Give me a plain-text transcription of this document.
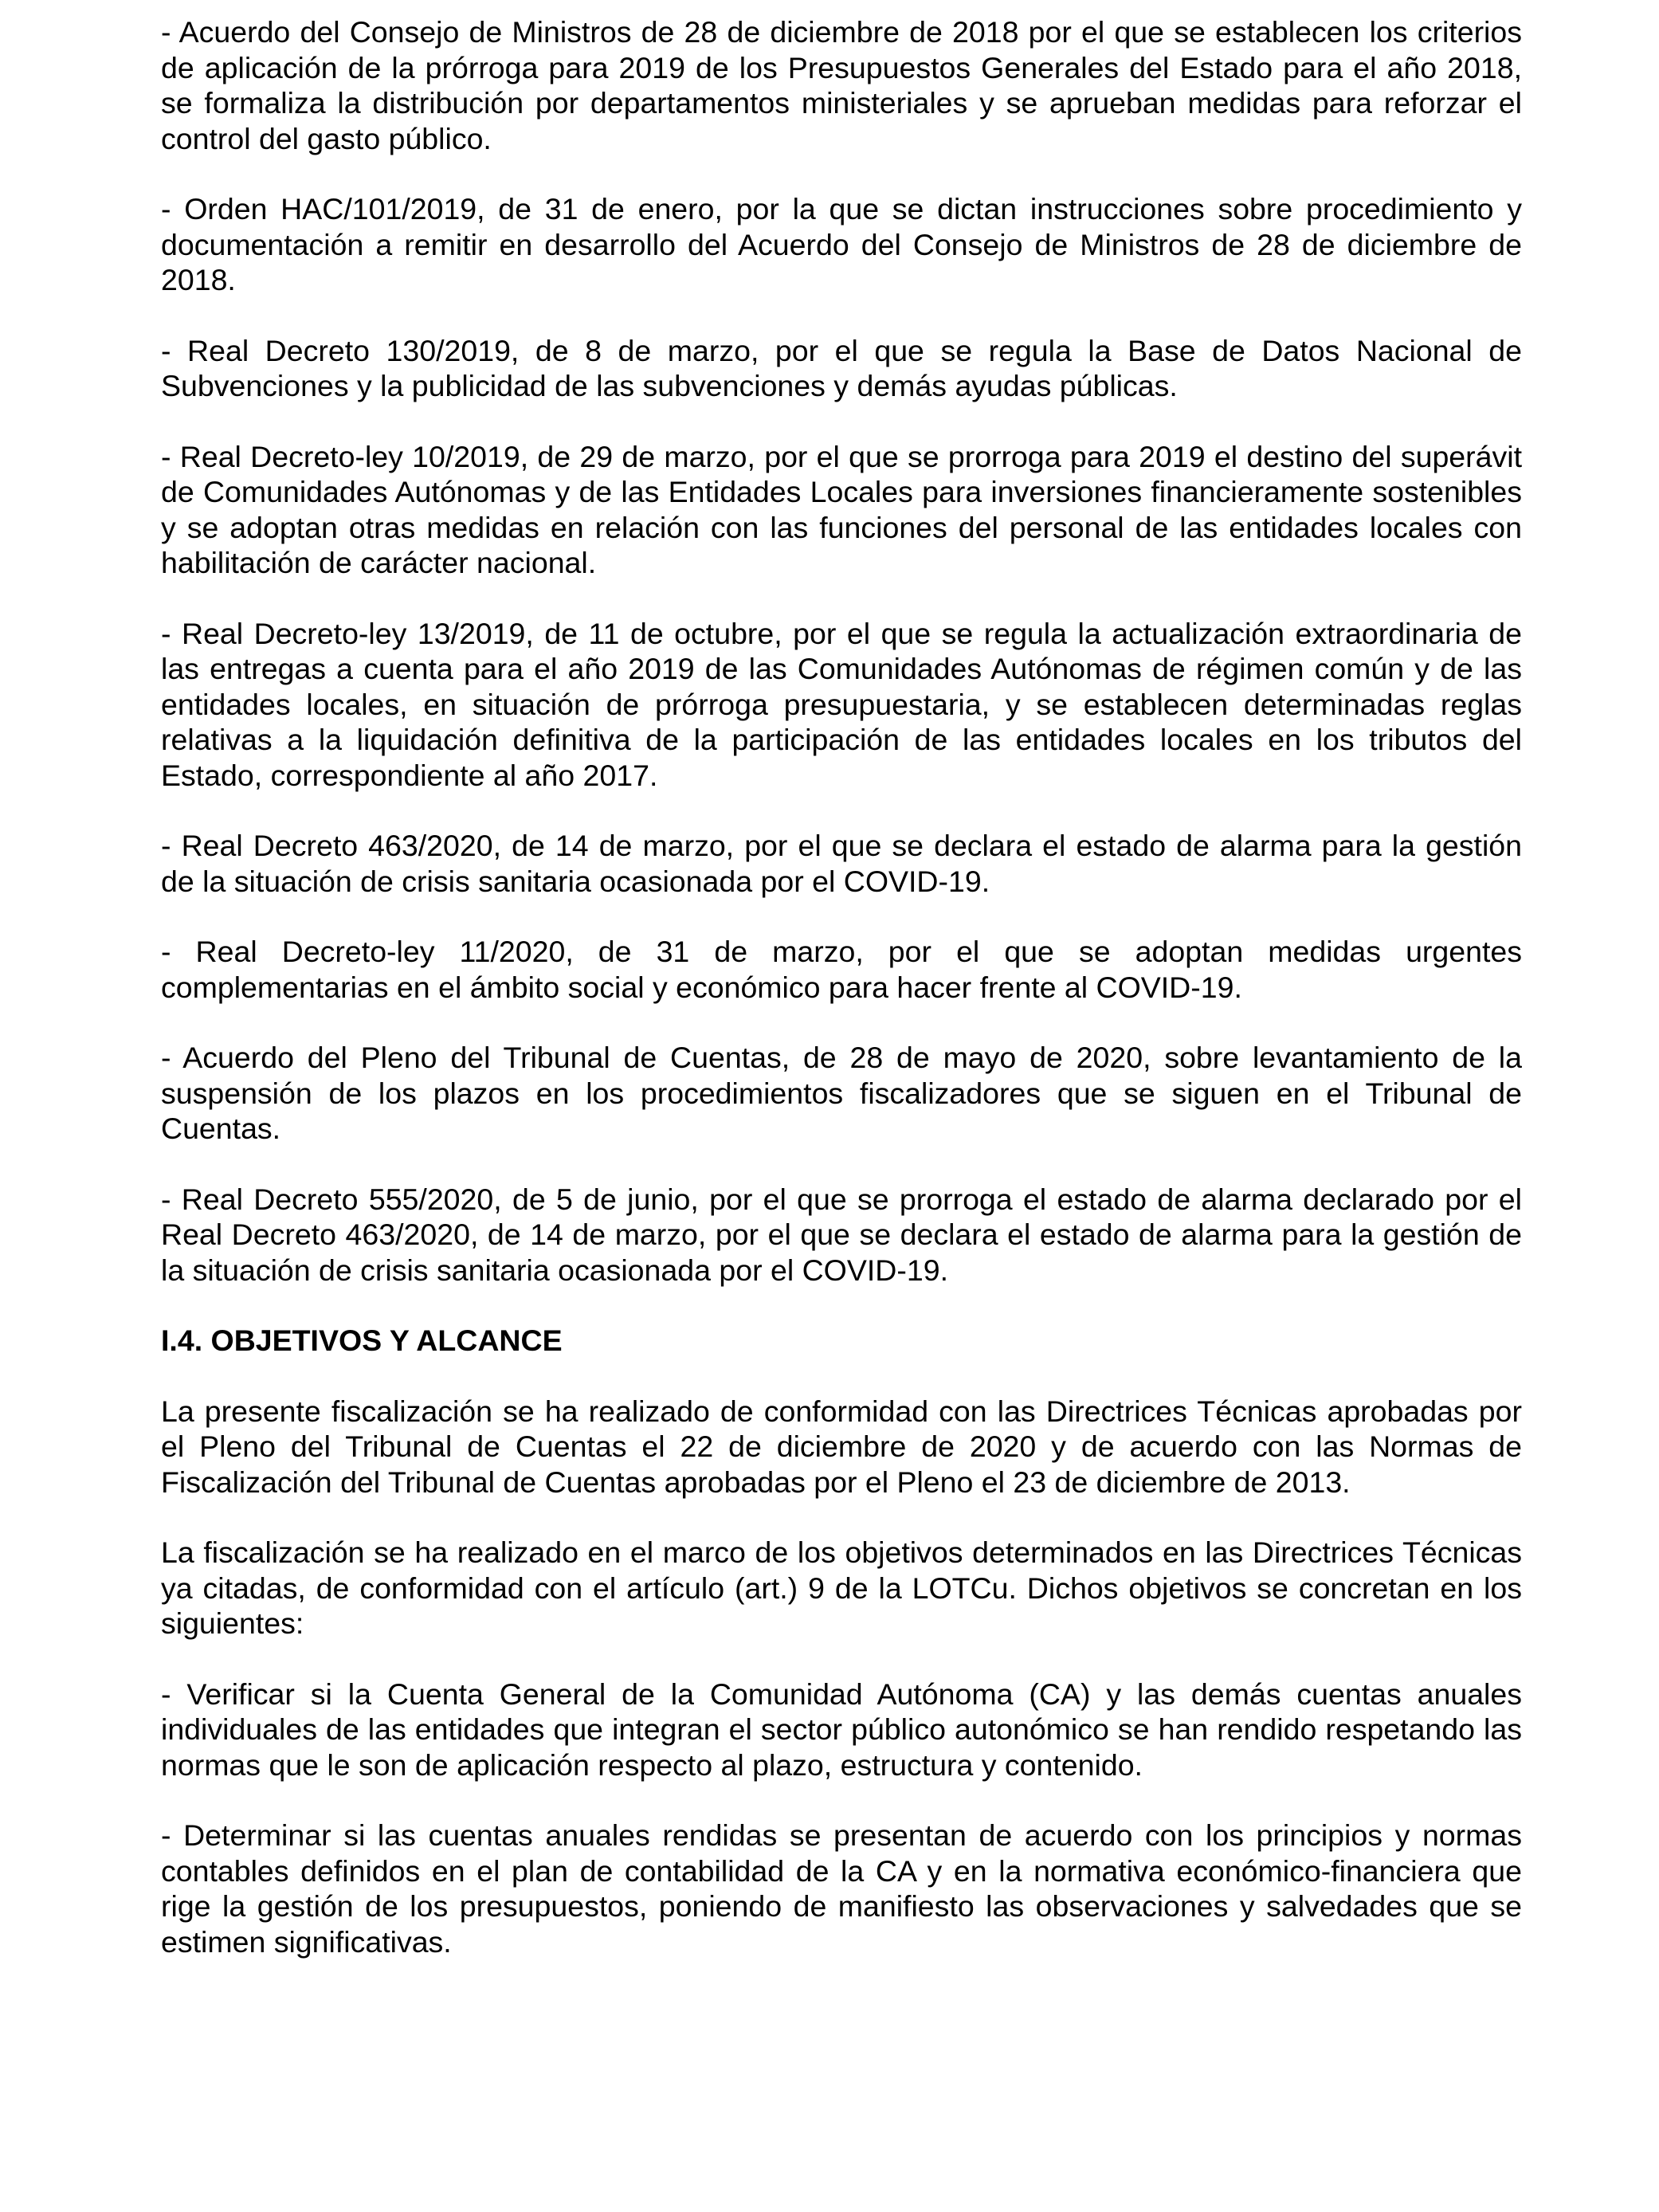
- Acuerdo del Consejo de Ministros de 28 de diciembre de 2018 por el que se establecen los criterios de aplicación de la prórroga para 2019 de los Presupuestos Generales del Estado para el año 2018, se formaliza la distribución por departamentos ministeriales y se aprueban medidas para reforzar el control del gasto público.

- Orden HAC/101/2019, de 31 de enero, por la que se dictan instrucciones sobre procedimiento y documentación a remitir en desarrollo del Acuerdo del Consejo de Ministros de 28 de diciembre de 2018.

- Real Decreto 130/2019, de 8 de marzo, por el que se regula la Base de Datos Nacional de Subvenciones y la publicidad de las subvenciones y demás ayudas públicas.

- Real Decreto-ley 10/2019, de 29 de marzo, por el que se prorroga para 2019 el destino del superávit de Comunidades Autónomas y de las Entidades Locales para inversiones financieramente sostenibles y se adoptan otras medidas en relación con las funciones del personal de las entidades locales con habilitación de carácter nacional.

- Real Decreto-ley 13/2019, de 11 de octubre, por el que se regula la actualización extraordinaria de las entregas a cuenta para el año 2019 de las Comunidades Autónomas de régimen común y de las entidades locales, en situación de prórroga presupuestaria, y se establecen determinadas reglas relativas a la liquidación definitiva de la participación de las entidades locales en los tributos del Estado, correspondiente al año 2017.

- Real Decreto 463/2020, de 14 de marzo, por el que se declara el estado de alarma para la gestión de la situación de crisis sanitaria ocasionada por el COVID-19.

- Real Decreto-ley 11/2020, de 31 de marzo, por el que se adoptan medidas urgentes complementarias en el ámbito social y económico para hacer frente al COVID-19.

- Acuerdo del Pleno del Tribunal de Cuentas, de 28 de mayo de 2020, sobre levantamiento de la suspensión de los plazos en los procedimientos fiscalizadores que se siguen en el Tribunal de Cuentas.

- Real Decreto 555/2020, de 5 de junio, por el que se prorroga el estado de alarma declarado por el Real Decreto 463/2020, de 14 de marzo, por el que se declara el estado de alarma para la gestión de la situación de crisis sanitaria ocasionada por el COVID-19.

I.4. OBJETIVOS Y ALCANCE

La presente fiscalización se ha realizado de conformidad con las Directrices Técnicas aprobadas por el Pleno del Tribunal de Cuentas el 22 de diciembre de 2020 y de acuerdo con las Normas de Fiscalización del Tribunal de Cuentas aprobadas por el Pleno el 23 de diciembre de 2013.

La fiscalización se ha realizado en el marco de los objetivos determinados en las Directrices Técnicas ya citadas, de conformidad con el artículo (art.) 9 de la LOTCu. Dichos objetivos se concretan en los siguientes:

- Verificar si la Cuenta General de la Comunidad Autónoma (CA) y las demás cuentas anuales individuales de las entidades que integran el sector público autonómico se han rendido respetando las normas que le son de aplicación respecto al plazo, estructura y contenido.

- Determinar si las cuentas anuales rendidas se presentan de acuerdo con los principios y normas contables definidos en el plan de contabilidad de la CA y en la normativa económico-financiera que rige la gestión de los presupuestos, poniendo de manifiesto las observaciones y salvedades que se estimen significativas.
